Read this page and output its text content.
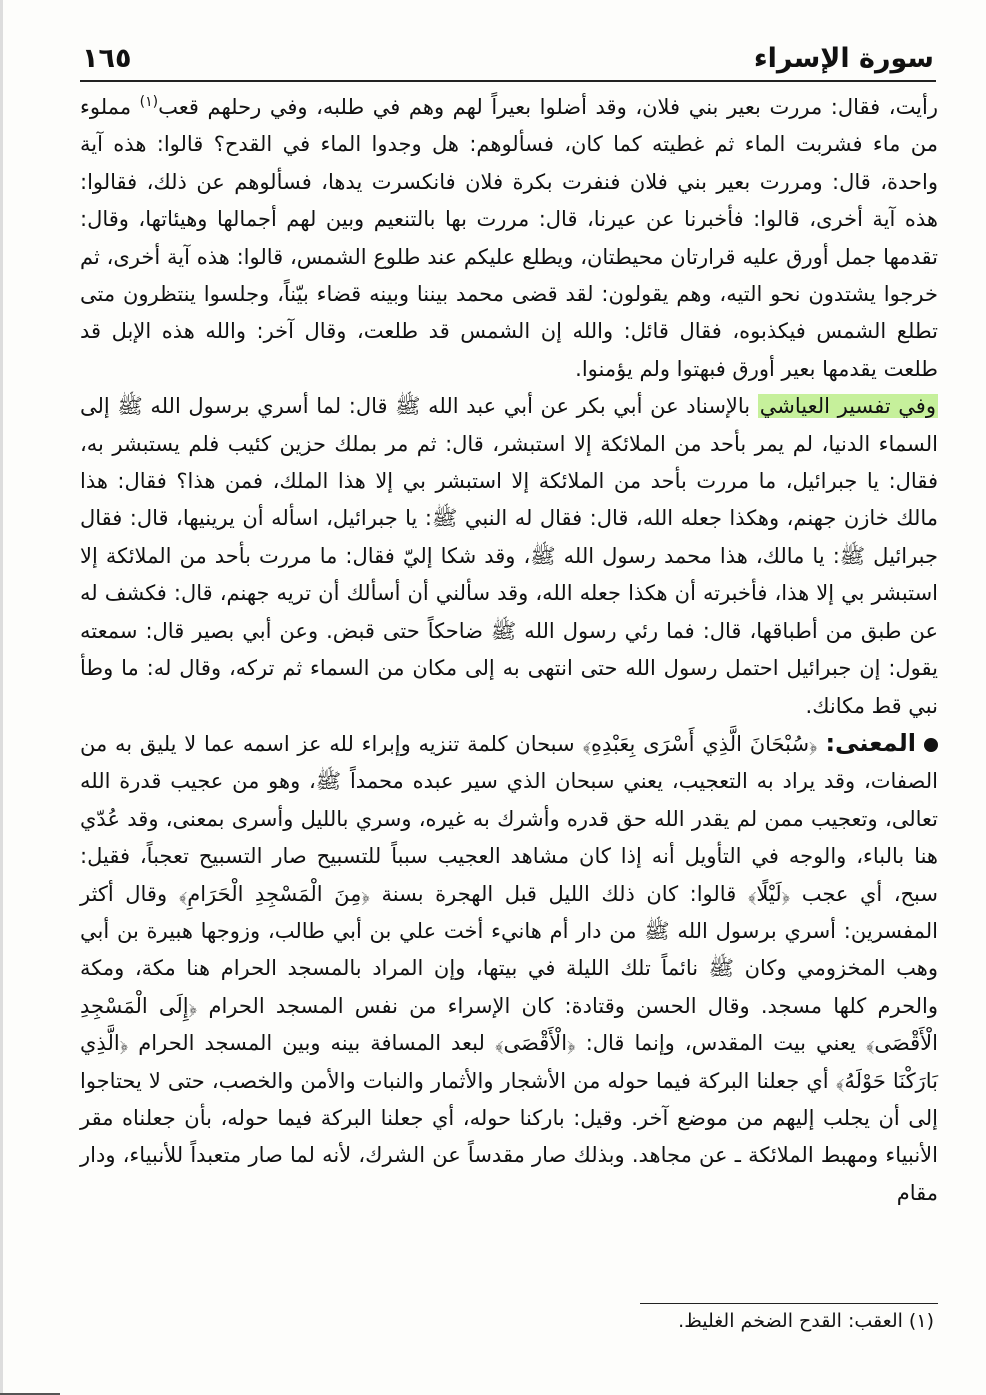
١٦٥	سورة الإسراء

رأيت، فقال: مررت بعير بني فلان، وقد أضلوا بعيراً لهم وهم في طلبه، وفي رحلهم قعب$^{(١)}$ مملوء من ماء فشربت الماء ثم غطيته كما كان، فسألوهم: هل وجدوا الماء في القدح؟ قالوا: هذه آية واحدة، قال: ومررت بعير بني فلان فنفرت بكرة فلان فانكسرت يدها، فسألوهم عن ذلك، فقالوا: هذه آية أخرى، قالوا: فأخبرنا عن عيرنا، قال: مررت بها بالتنعيم وبين لهم أجمالها وهيئاتها، وقال: تقدمها جمل أورق عليه قرارتان محيطتان، ويطلع عليكم عند طلوع الشمس، قالوا: هذه آية أخرى، ثم خرجوا يشتدون نحو التيه، وهم يقولون: لقد قضى محمد بيننا وبينه قضاء بيّناً، وجلسوا ينتظرون متى تطلع الشمس فيكذبوه، فقال قائل: والله إن الشمس قد طلعت، وقال آخر: والله هذه الإبل قد طلعت يقدمها بعير أورق فبهتوا ولم يؤمنوا.

وفي تفسير العياشي بالإسناد عن أبي بكر عن أبي عبد الله ﷺ قال: لما أسري برسول الله ﷺ إلى السماء الدنيا، لم يمر بأحد من الملائكة إلا استبشر، قال: ثم مر بملك حزين كئيب فلم يستبشر به، فقال: يا جبرائيل، ما مررت بأحد من الملائكة إلا استبشر بي إلا هذا الملك، فمن هذا؟ فقال: هذا مالك خازن جهنم، وهكذا جعله الله، قال: فقال له النبي ﷺ: يا جبرائيل، اسأله أن يرينيها، قال: فقال جبرائيل ﷺ: يا مالك، هذا محمد رسول الله ﷺ، وقد شكا إليّ فقال: ما مررت بأحد من الملائكة إلا استبشر بي إلا هذا، فأخبرته أن هكذا جعله الله، وقد سألني أن أسألك أن تريه جهنم، قال: فكشف له عن طبق من أطباقها، قال: فما رئي رسول الله ﷺ ضاحكاً حتى قبض. وعن أبي بصير قال: سمعته يقول: إن جبرائيل احتمل رسول الله حتى انتهى به إلى مكان من السماء ثم تركه، وقال له: ما وطأ نبي قط مكانك.

المعنى: ﴿سُبْحَانَ الَّذِي أَسْرَى بِعَبْدِهِ﴾ سبحان كلمة تنزيه وإبراء لله عز اسمه عما لا يليق به من الصفات، وقد يراد به التعجيب، يعني سبحان الذي سير عبده محمداً ﷺ، وهو من عجيب قدرة الله تعالى، وتعجيب ممن لم يقدر الله حق قدره وأشرك به غيره، وسري بالليل وأسرى بمعنى، وقد عُدّي هنا بالباء، والوجه في التأويل أنه إذا كان مشاهد العجيب سبباً للتسبيح صار التسبيح تعجباً، فقيل: سبح، أي عجب ﴿لَيْلًا﴾ قالوا: كان ذلك الليل قبل الهجرة بسنة ﴿مِنَ الْمَسْجِدِ الْحَرَامِ﴾ وقال أكثر المفسرين: أسري برسول الله ﷺ من دار أم هانيء أخت علي بن أبي طالب، وزوجها هبيرة بن أبي وهب المخزومي وكان ﷺ نائماً تلك الليلة في بيتها، وإن المراد بالمسجد الحرام هنا مكة، ومكة والحرم كلها مسجد. وقال الحسن وقتادة: كان الإسراء من نفس المسجد الحرام ﴿إِلَى الْمَسْجِدِ الْأَقْصَى﴾ يعني بيت المقدس، وإنما قال: ﴿الْأَقْصَى﴾ لبعد المسافة بينه وبين المسجد الحرام ﴿الَّذِي بَارَكْنَا حَوْلَهُ﴾ أي جعلنا البركة فيما حوله من الأشجار والأثمار والنبات والأمن والخصب، حتى لا يحتاجوا إلى أن يجلب إليهم من موضع آخر. وقيل: باركنا حوله، أي جعلنا البركة فيما حوله، بأن جعلناه مقر الأنبياء ومهبط الملائكة ـ عن مجاهد. وبذلك صار مقدساً عن الشرك، لأنه لما صار متعبداً للأنبياء، ودار مقام

(١) العقب: القدح الضخم الغليظ.
